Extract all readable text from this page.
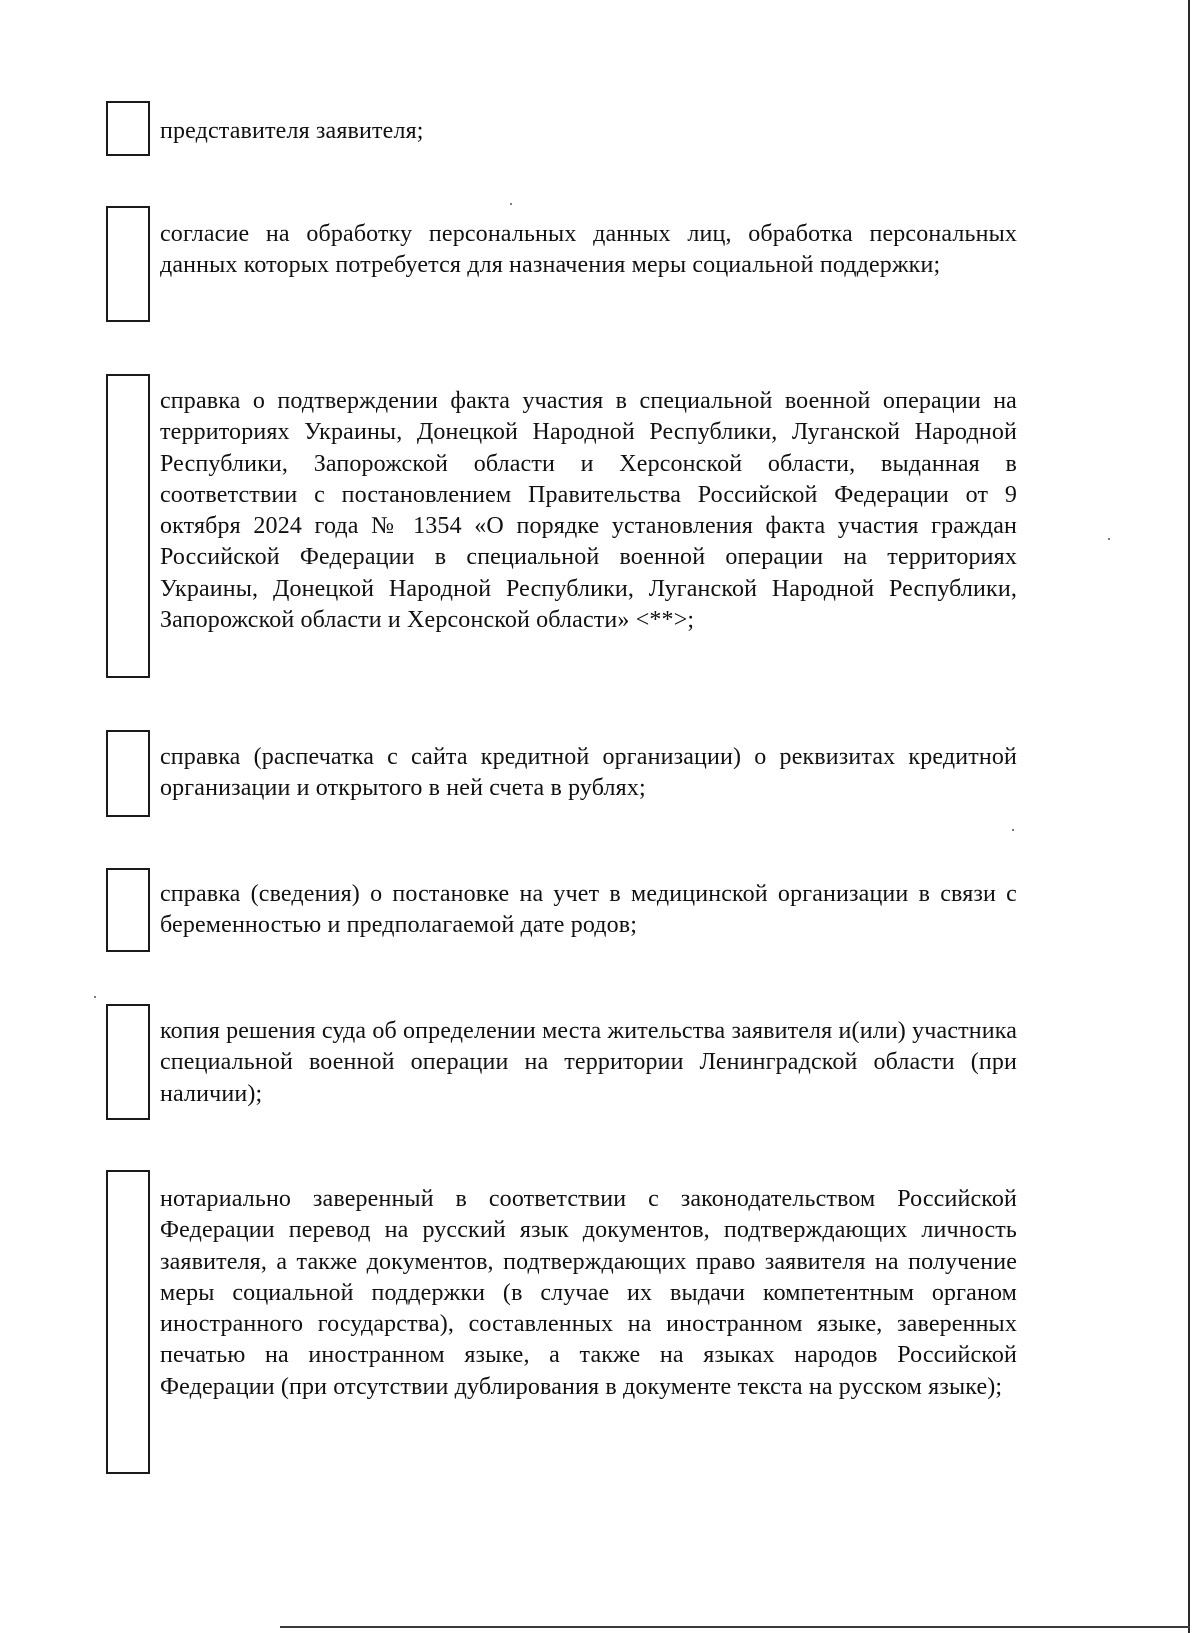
представителя заявителя;

согласие на обработку персональных данных лиц, обработка персональных данных которых потребуется для назначения меры социальной поддержки;

справка о подтверждении факта участия в специальной военной операции на территориях Украины, Донецкой Народной Республики, Луганской Народной Республики, Запорожской области и Херсонской области, выданная в соответствии с постановлением Правительства Российской Федерации от 9 октября 2024 года № 1354 «О порядке установления факта участия граждан Российской Федерации в специальной военной операции на территориях Украины, Донецкой Народной Республики, Луганской Народной Республики, Запорожской области и Херсонской области» <**>;

справка (распечатка с сайта кредитной организации) о реквизитах кредитной организации и открытого в ней счета в рублях;

справка (сведения) о постановке на учет в медицинской организации в связи с беременностью и предполагаемой дате родов;

копия решения суда об определении места жительства заявителя и(или) участника специальной военной операции на территории Ленинградской области (при наличии);

нотариально заверенный в соответствии с законодательством Российской Федерации перевод на русский язык документов, подтверждающих личность заявителя, а также документов, подтверждающих право заявителя на получение меры социальной поддержки (в случае их выдачи компетентным органом иностранного государства), составленных на иностранном языке, заверенных печатью на иностранном языке, а также на языках народов Российской Федерации (при отсутствии дублирования в документе текста на русском языке);
